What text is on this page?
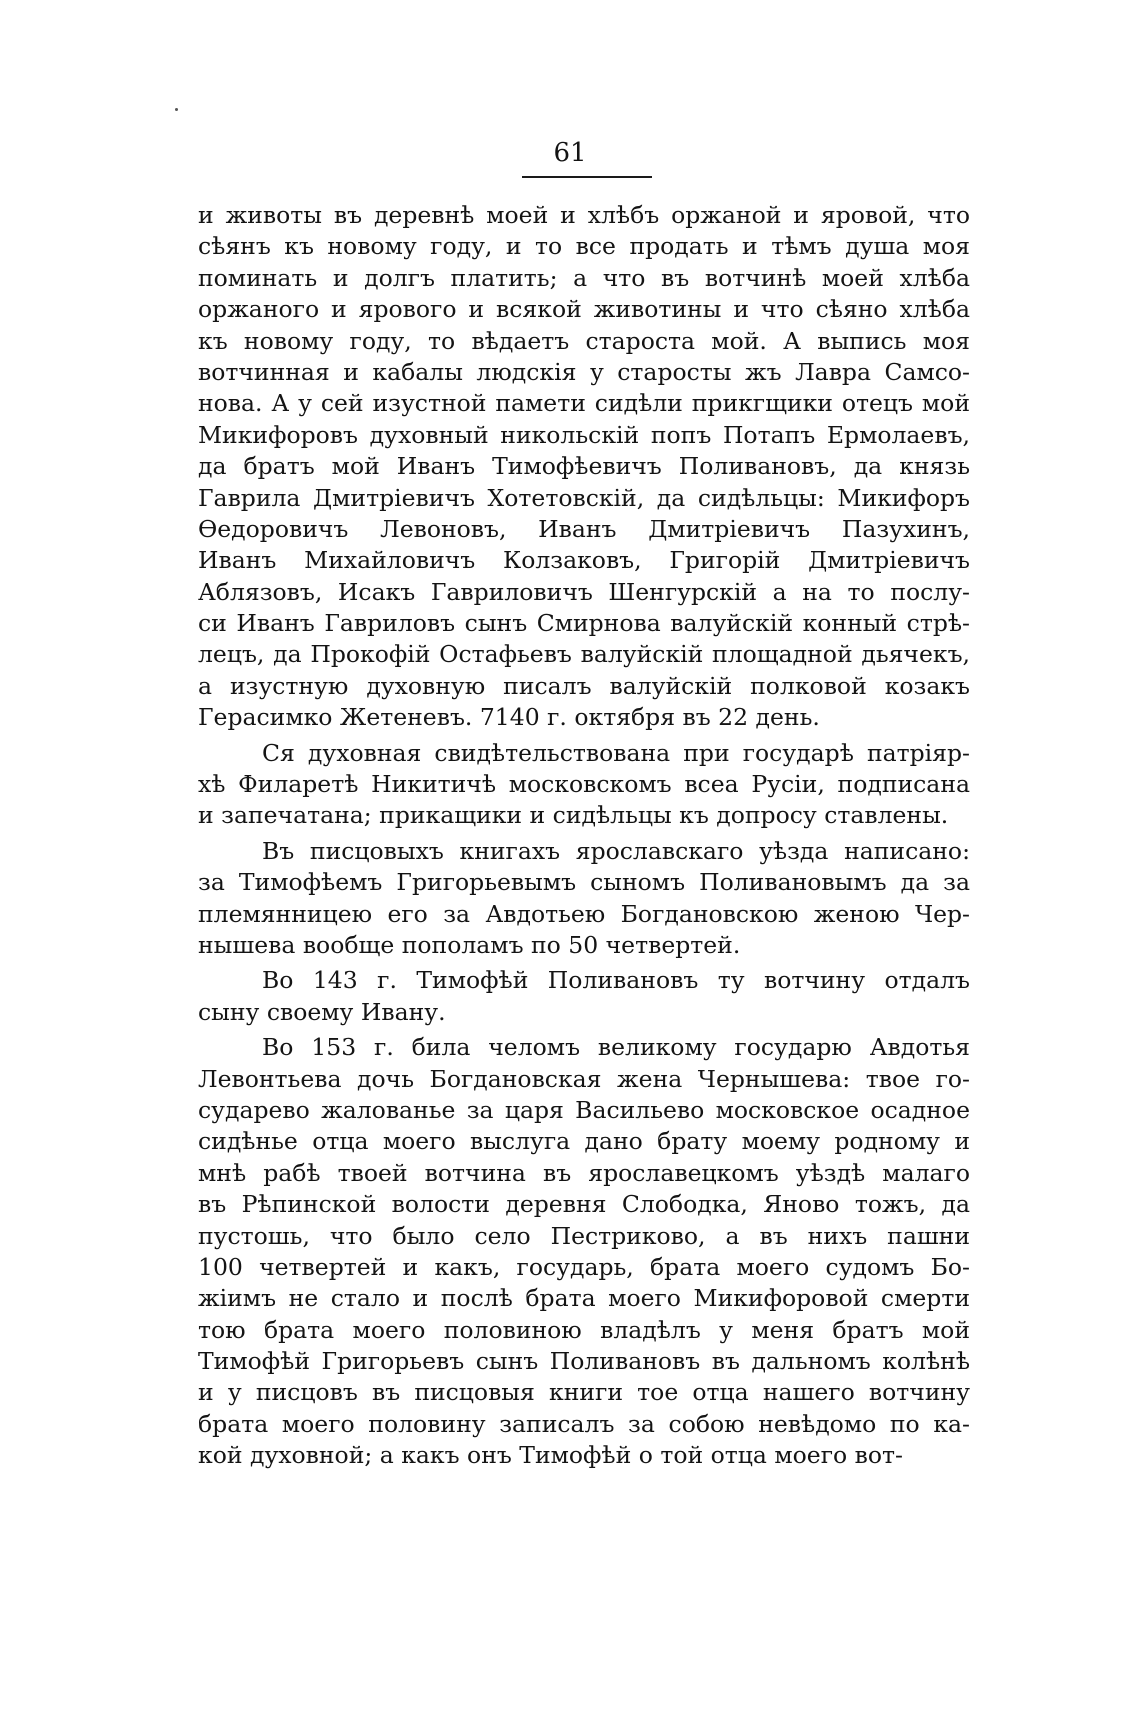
61
и животы въ деревнѣ моей и хлѣбъ оржаной и яровой, что
сѣянъ къ новому году, и то все продать и тѣмъ душа моя
поминать и долгъ платить; а что въ вотчинѣ моей хлѣба
оржаного и ярового и всякой животины и что сѣяно хлѣба
къ новому году, то вѣдаетъ староста мой. А выпись моя
вотчинная и кабалы людскія у старосты жъ Лавра Самсо-
нова. А у сей изустной памети сидѣли прикгщики отецъ мой
Микифоровъ духовный никольскій попъ Потапъ Ермолаевъ,
да братъ мой Иванъ Тимофѣевичъ Поливановъ, да князь
Гаврила Дмитріевичъ Хотетовскій, да сидѣльцы: Микифоръ
Ѳедоровичъ Левоновъ, Иванъ Дмитріевичъ Пазухинъ,
Иванъ Михайловичъ Колзаковъ, Григорій Дмитріевичъ
Аблязовъ, Исакъ Гавриловичъ Шенгурскій а на то послу-
си Иванъ Гавриловъ сынъ Смирнова валуйскій конный стрѣ-
лецъ, да Прокофій Остафьевъ валуйскій площадной дьячекъ,
а изустную духовную писалъ валуйскій полковой козакъ
Герасимко Жетеневъ. 7140 г. октября въ 22 день.
Ся духовная свидѣтельствована при государѣ патріяр-
хѣ Филаретѣ Никитичѣ московскомъ всеа Русіи, подписана
и запечатана; прикащики и сидѣльцы къ допросу ставлены.
Въ писцовыхъ книгахъ ярославскаго уѣзда написано:
за Тимофѣемъ Григорьевымъ сыномъ Поливановымъ да за
племянницею его за Авдотьею Богдановскою женою Чер-
нышева вообще пополамъ по 50 четвертей.
Во 143 г. Тимофѣй Поливановъ ту вотчину отдалъ
сыну своему Ивану.
Во 153 г. била челомъ великому государю Авдотья
Левонтьева дочь Богдановская жена Чернышева: твое го-
сударево жалованье за царя Васильево московское осадное
сидѣнье отца моего выслуга дано брату моему родному и
мнѣ рабѣ твоей вотчина въ ярославецкомъ уѣздѣ малаго
въ Рѣпинской волости деревня Слободка, Яново тожъ, да
пустошь, что было село Пестриково, а въ нихъ пашни
100 четвертей и какъ, государь, брата моего судомъ Бо-
жіимъ не стало и послѣ брата моего Микифоровой смерти
тою брата моего половиною владѣлъ у меня братъ мой
Тимофѣй Григорьевъ сынъ Поливановъ въ дальномъ колѣнѣ
и у писцовъ въ писцовыя книги тое отца нашего вотчину
брата моего половину записалъ за собою невѣдомо по ка-
кой духовной; а какъ онъ Тимофѣй о той отца моего вот-
